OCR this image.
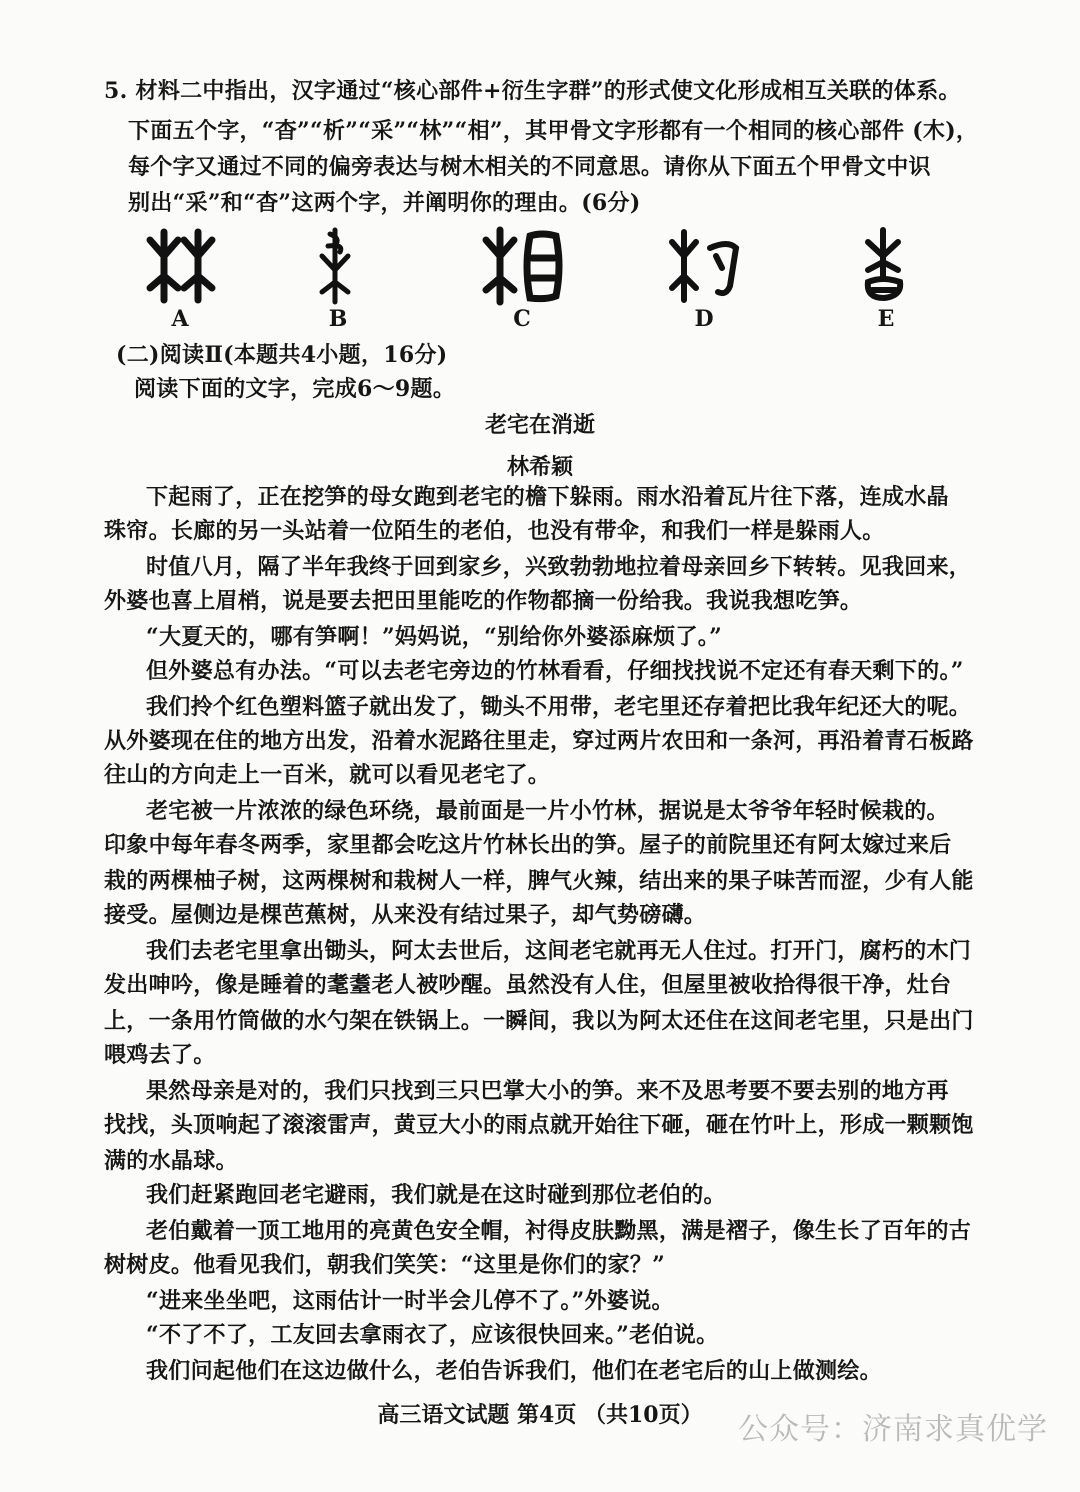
5. 材料二中指出，汉字通过“核心部件+衍生字群”的形式使文化形成相互关联的体系。
下面五个字，“杳”“析”“采”“林”“相”，其甲骨文字形都有一个相同的核心部件 (木)，
每个字又通过不同的偏旁表达与树木相关的不同意思。请你从下面五个甲骨文中识
别出“采”和“杳”这两个字，并阐明你的理由。(6分)
A	B	C	D	E
(二)阅读Ⅱ(本题共4小题，16分)
阅读下面的文字，完成6～9题。
老宅在消逝
林希颖
下起雨了，正在挖笋的母女跑到老宅的檐下躲雨。雨水沿着瓦片往下落，连成水晶
珠帘。长廊的另一头站着一位陌生的老伯，也没有带伞，和我们一样是躲雨人。
时值八月，隔了半年我终于回到家乡，兴致勃勃地拉着母亲回乡下转转。见我回来，
外婆也喜上眉梢，说是要去把田里能吃的作物都摘一份给我。我说我想吃笋。
“大夏天的，哪有笋啊！”妈妈说，“别给你外婆添麻烦了。”
但外婆总有办法。“可以去老宅旁边的竹林看看，仔细找找说不定还有春天剩下的。”
我们拎个红色塑料篮子就出发了，锄头不用带，老宅里还存着把比我年纪还大的呢。
从外婆现在住的地方出发，沿着水泥路往里走，穿过两片农田和一条河，再沿着青石板路
往山的方向走上一百米，就可以看见老宅了。
老宅被一片浓浓的绿色环绕，最前面是一片小竹林，据说是太爷爷年轻时候栽的。
印象中每年春冬两季，家里都会吃这片竹林长出的笋。屋子的前院里还有阿太嫁过来后
栽的两棵柚子树，这两棵树和栽树人一样，脾气火辣，结出来的果子味苦而涩，少有人能
接受。屋侧边是棵芭蕉树，从来没有结过果子，却气势磅礴。
我们去老宅里拿出锄头，阿太去世后，这间老宅就再无人住过。打开门，腐朽的木门
发出呻吟，像是睡着的耄耋老人被吵醒。虽然没有人住，但屋里被收拾得很干净，灶台
上，一条用竹筒做的水勺架在铁锅上。一瞬间，我以为阿太还住在这间老宅里，只是出门
喂鸡去了。
果然母亲是对的，我们只找到三只巴掌大小的笋。来不及思考要不要去别的地方再
找找，头顶响起了滚滚雷声，黄豆大小的雨点就开始往下砸，砸在竹叶上，形成一颗颗饱
满的水晶球。
我们赶紧跑回老宅避雨，我们就是在这时碰到那位老伯的。
老伯戴着一顶工地用的亮黄色安全帽，衬得皮肤黝黑，满是褶子，像生长了百年的古
树树皮。他看见我们，朝我们笑笑：“这里是你们的家？”
“进来坐坐吧，这雨估计一时半会儿停不了。”外婆说。
“不了不了，工友回去拿雨衣了，应该很快回来。”老伯说。
我们问起他们在这边做什么，老伯告诉我们，他们在老宅后的山上做测绘。
高三语文试题 第4页 （共10页）	公众号：济南求真优学
